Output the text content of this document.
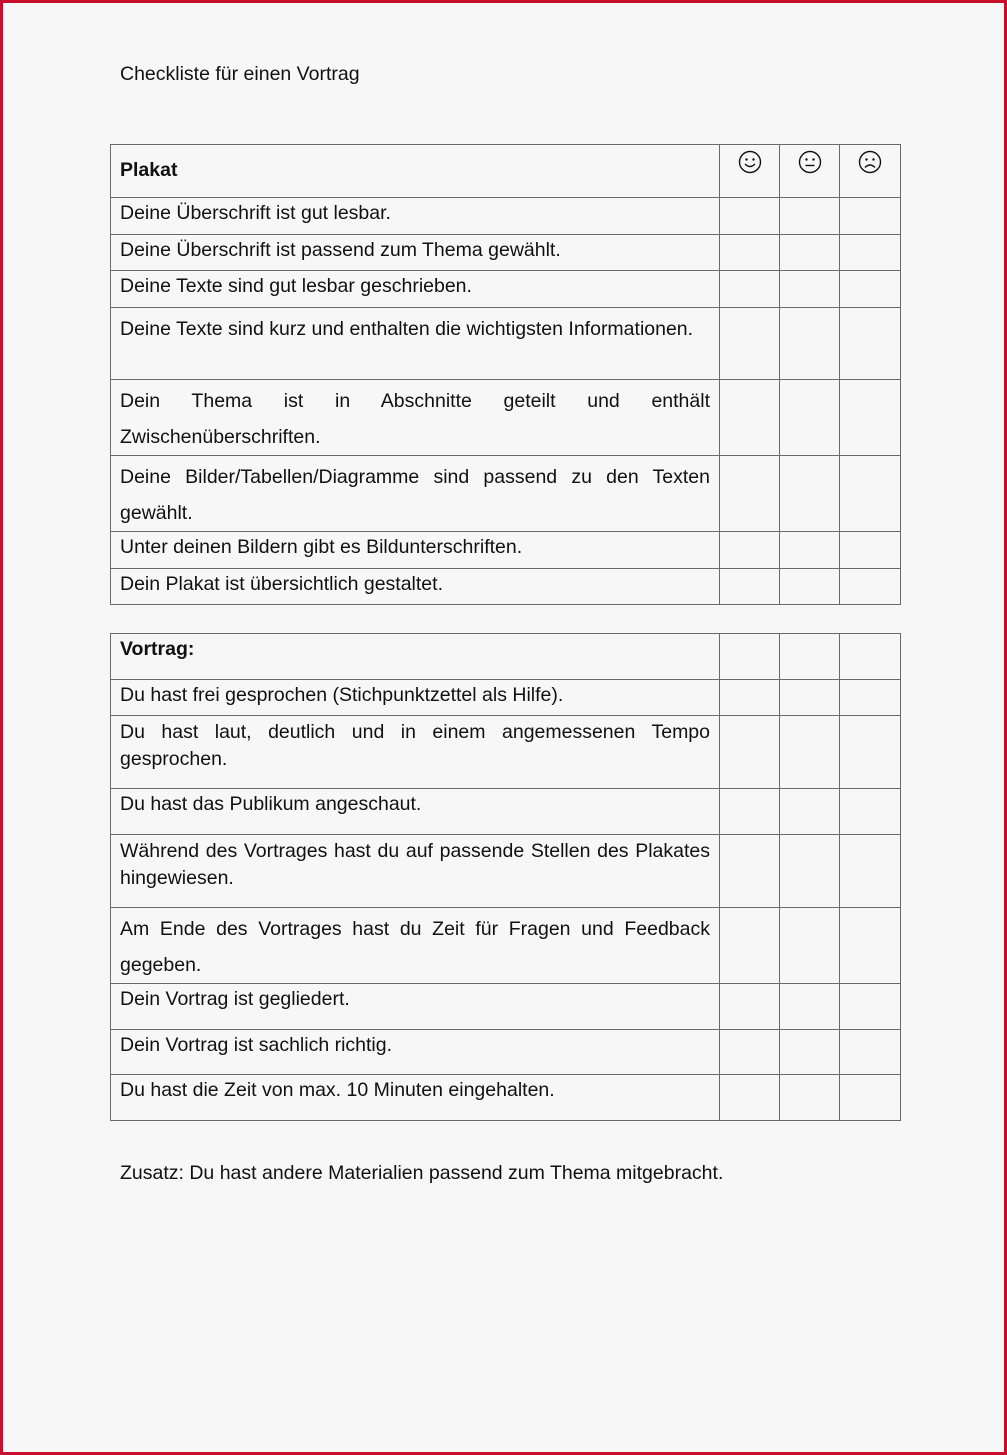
Checkliste für einen Vortrag
Plakat	

Deine Überschrift ist gut lesbar.			
Deine Überschrift ist passend zum Thema gewählt.			
Deine Texte sind gut lesbar geschrieben.			
Deine Texte sind kurz und enthalten die wichtigsten Informationen.			
Dein Thema ist in Abschnitte geteilt und enthält Zwischenüberschriften.			
Deine Bilder/Tabellen/Diagramme sind passend zu den Texten gewählt.			
Unter deinen Bildern gibt es Bildunterschriften.			
Dein Plakat ist übersichtlich gestaltet.			
Vortrag:			
Du hast frei gesprochen (Stichpunktzettel als Hilfe).			
Du hast laut, deutlich und in einem angemessenen Tempo gesprochen.			
Du hast das Publikum angeschaut.			
Während des Vortrages hast du auf passende Stellen des Plakates hingewiesen.			
Am Ende des Vortrages hast du Zeit für Fragen und Feedback gegeben.			
Dein Vortrag ist gegliedert.			
Dein Vortrag ist sachlich richtig.			
Du hast die Zeit von max. 10 Minuten eingehalten.			
Zusatz: Du hast andere Materialien passend zum Thema mitgebracht.
